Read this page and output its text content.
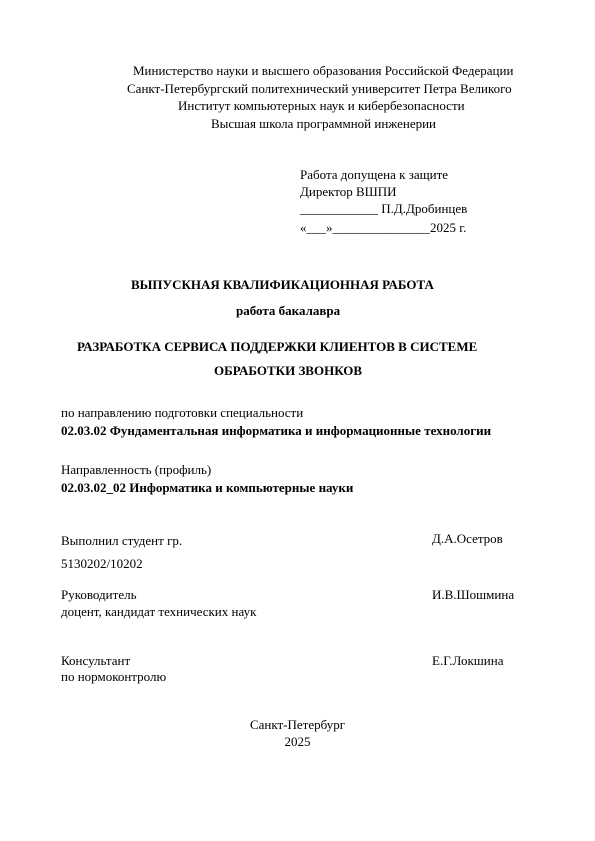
Министерство науки и высшего образования Российской Федерации
Санкт-Петербургский политехнический университет Петра Великого
Институт компьютерных наук и кибербезопасности
Высшая школа программной инженерии
Работа допущена к защите
Директор ВШПИ
____________ П.Д.Дробинцев
«___»_______________2025 г.
ВЫПУСКНАЯ КВАЛИФИКАЦИОННАЯ РАБОТА
работа бакалавра
РАЗРАБОТКА СЕРВИСА ПОДДЕРЖКИ КЛИЕНТОВ В СИСТЕМЕ
ОБРАБОТКИ ЗВОНКОВ
по направлению подготовки специальности
02.03.02 Фундаментальная информатика и информационные технологии
Направленность (профиль)
02.03.02_02 Информатика и компьютерные науки
Выполнил студент гр.
5130202/10202
Д.А.Осетров
Руководитель
доцент, кандидат технических наук
И.В.Шошмина
Консультант
по нормоконтролю
Е.Г.Локшина
Санкт-Петербург
2025
